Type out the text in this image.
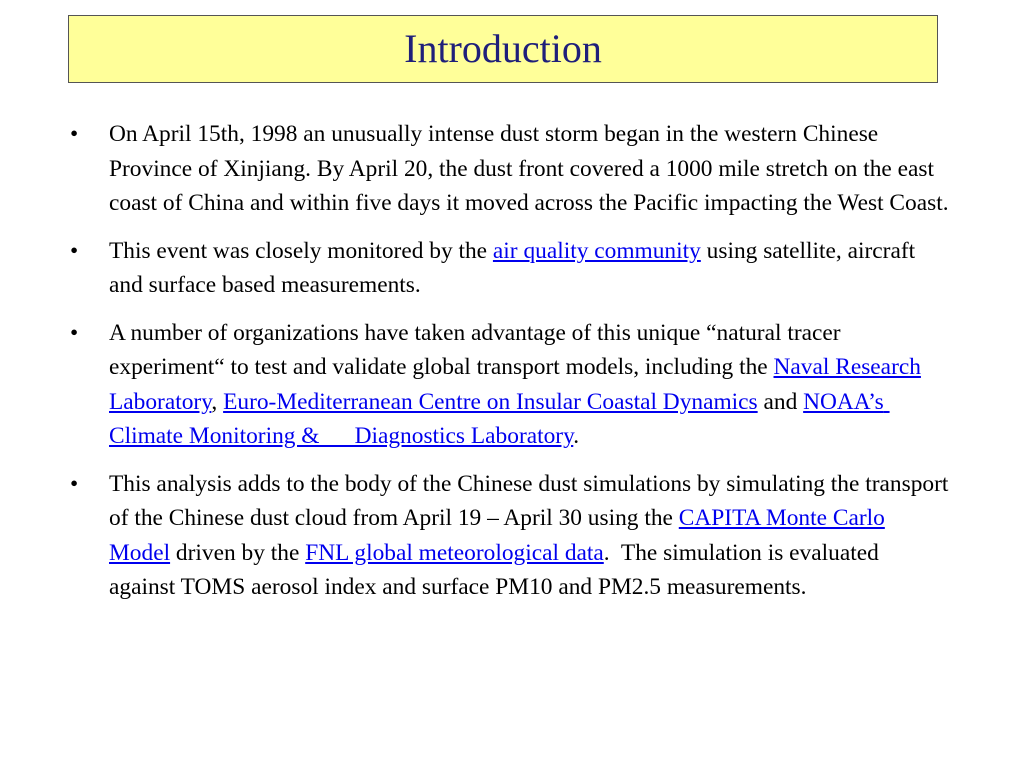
Introduction
•	On April 15th, 1998 an unusually intense dust storm began in the western Chinese Province of Xinjiang. By April 20, the dust front covered a 1000 mile stretch on the east coast of China and within five days it moved across the Pacific impacting the West Coast.
•	This event was closely monitored by the air quality community using satellite, aircraft and surface based measurements.
•	A number of organizations have taken advantage of this unique “natural tracer experiment“ to test and validate global transport models, including the Naval Research Laboratory, Euro-Mediterranean Centre on Insular Coastal Dynamics and NOAA’s Climate Monitoring &      Diagnostics Laboratory.
•	This analysis adds to the body of the Chinese dust simulations by simulating the transport of the Chinese dust cloud from April 19 – April 30 using the CAPITA Monte Carlo Model driven by the FNL global meteorological data.  The simulation is evaluated against TOMS aerosol index and surface PM10 and PM2.5 measurements.
